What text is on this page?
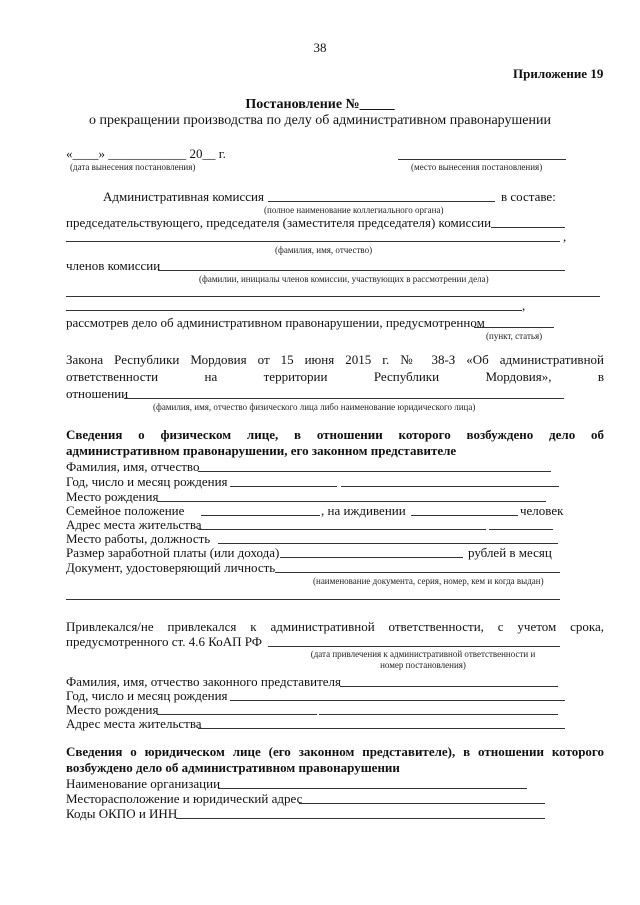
38
Приложение 19
Постановление №_____
о прекращении производства по делу об административном правонарушении
«____» ____________ 20__ г.
(дата вынесения постановления)	(место вынесения постановления)
Административная комиссия	в составе:
(полное наименование коллегиального органа)
председательствующего, председателя (заместителя председателя) комиссии
,
(фамилия, имя, отчество)
членов комиссии
(фамилии, инициалы членов комиссии, участвующих в рассмотрении дела)
,
рассмотрев дело об административном правонарушении, предусмотренном
(пункт, статья)
Закона Республики Мордовия от 15 июня 2015 г. № 38-З «Об административной
ответственности на территории Республики Мордовия», в
отношении
(фамилия, имя, отчество физического лица либо наименование юридического лица)
Сведения о физическом лице, в отношении которого возбуждено дело об
административном правонарушении, его законном представителе
Фамилия, имя, отчество
Год, число и месяц рождения
Место рождения
Семейное положение	, на иждивении	человек
Адрес места жительства
Место работы, должность
Размер заработной платы (или дохода)	рублей в месяц
Документ, удостоверяющий личность
(наименование документа, серия, номер, кем и когда выдан)
Привлекался/не привлекался к административной ответственности, с учетом срока,
предусмотренного ст. 4.6 КоАП РФ
(дата привлечения к административной ответственности и
номер постановления)
Фамилия, имя, отчество законного представителя
Год, число и месяц рождения
Место рождения
Адрес места жительства
Сведения о юридическом лице (его законном представителе), в отношении которого
возбуждено дело об административном правонарушении
Наименование организации
Месторасположение и юридический адрес
Коды ОКПО и ИНН
